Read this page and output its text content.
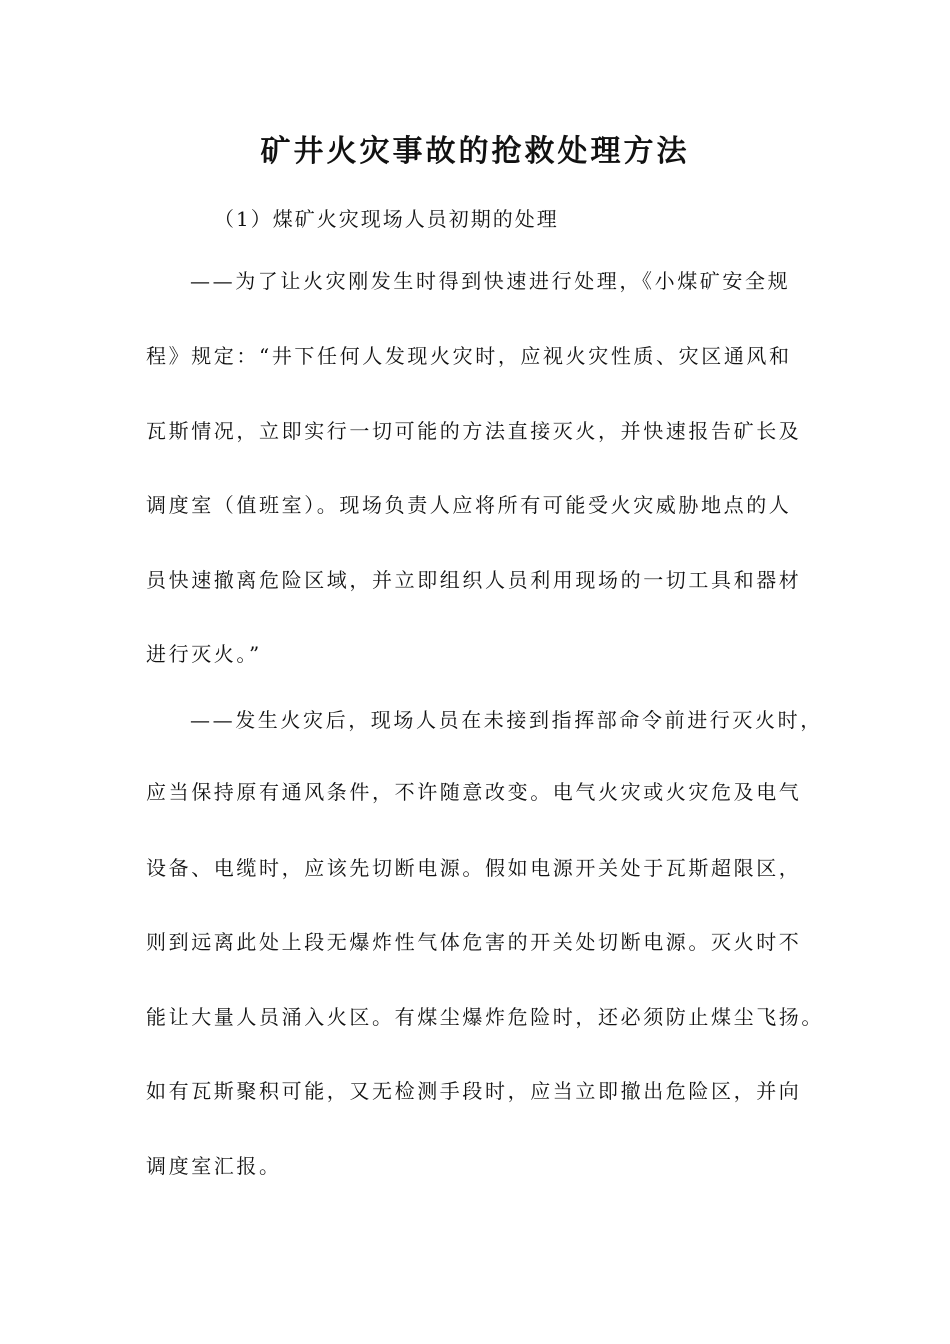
矿井火灾事故的抢救处理方法

（1）煤矿火灾现场人员初期的处理

——为了让火灾刚发生时得到快速进行处理，《小煤矿安全规

程》规定：“井下任何人发现火灾时，应视火灾性质、灾区通风和

瓦斯情况，立即实行一切可能的方法直接灭火，并快速报告矿长及

调度室（值班室）。现场负责人应将所有可能受火灾威胁地点的人

员快速撤离危险区域，并立即组织人员利用现场的一切工具和器材

进行灭火。”

——发生火灾后，现场人员在未接到指挥部命令前进行灭火时，

应当保持原有通风条件，不许随意改变。电气火灾或火灾危及电气

设备、电缆时，应该先切断电源。假如电源开关处于瓦斯超限区，

则到远离此处上段无爆炸性气体危害的开关处切断电源。灭火时不

能让大量人员涌入火区。有煤尘爆炸危险时，还必须防止煤尘飞扬。

如有瓦斯聚积可能，又无检测手段时，应当立即撤出危险区，并向

调度室汇报。
